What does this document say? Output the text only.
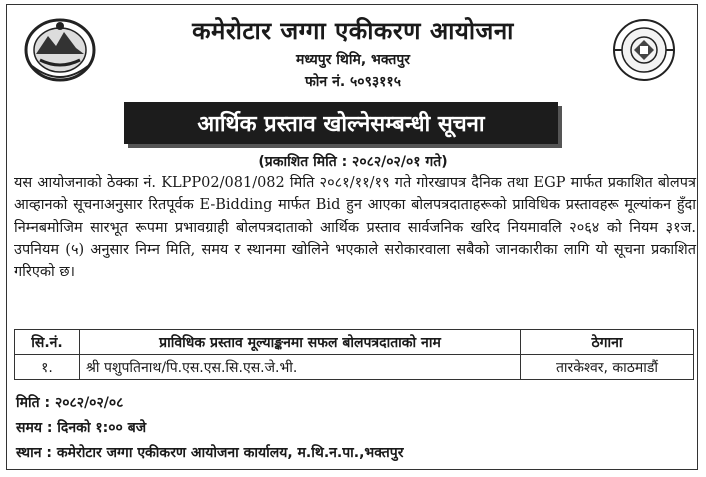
कमेरोटार जग्गा एकीकरण आयोजना
मध्यपुर थिमि, भक्तपुर
फोन नं. ५०९३११५
आर्थिक प्रस्ताव खोल्नेसम्बन्धी सूचना
(प्रकाशित मिति : २०८२/०२/०१ गते)
यस आयोजनाको ठेक्का नं. KLPP02/081/082 मिति २०८१/११/१९ गते गोरखापत्र दैनिक तथा EGP मार्फत प्रकाशित बोलपत्र आव्हानको सूचनाअनुसार रितपूर्वक E-Bidding मार्फत Bid हुन आएका बोलपत्रदाताहरूको प्राविधिक प्रस्तावहरू मूल्यांकन हुँदा निम्नबमोजिम सारभूत रूपमा प्रभावग्राही बोलपत्रदाताको आर्थिक प्रस्ताव सार्वजनिक खरिद नियमावलि २०६४ को नियम ३१ज. उपनियम (५) अनुसार निम्न मिति, समय र स्थानमा खोलिने भएकाले सरोकारवाला सबैको जानकारीका लागि यो सूचना प्रकाशित गरिएको छ।
सि.नं.	प्राविधिक प्रस्ताव मूल्याङ्कनमा सफल बोलपत्रदाताको नाम	ठेगाना
१.	श्री पशुपतिनाथ/पि.एस.एस.सि.एस.जे.भी.	तारकेश्वर, काठमाडौं
मिति : २०८२/०२/०८
समय : दिनको १:०० बजे
स्थान : कमेरोटार जग्गा एकीकरण आयोजना कार्यालय, म.थि.न.पा.,भक्तपुर
